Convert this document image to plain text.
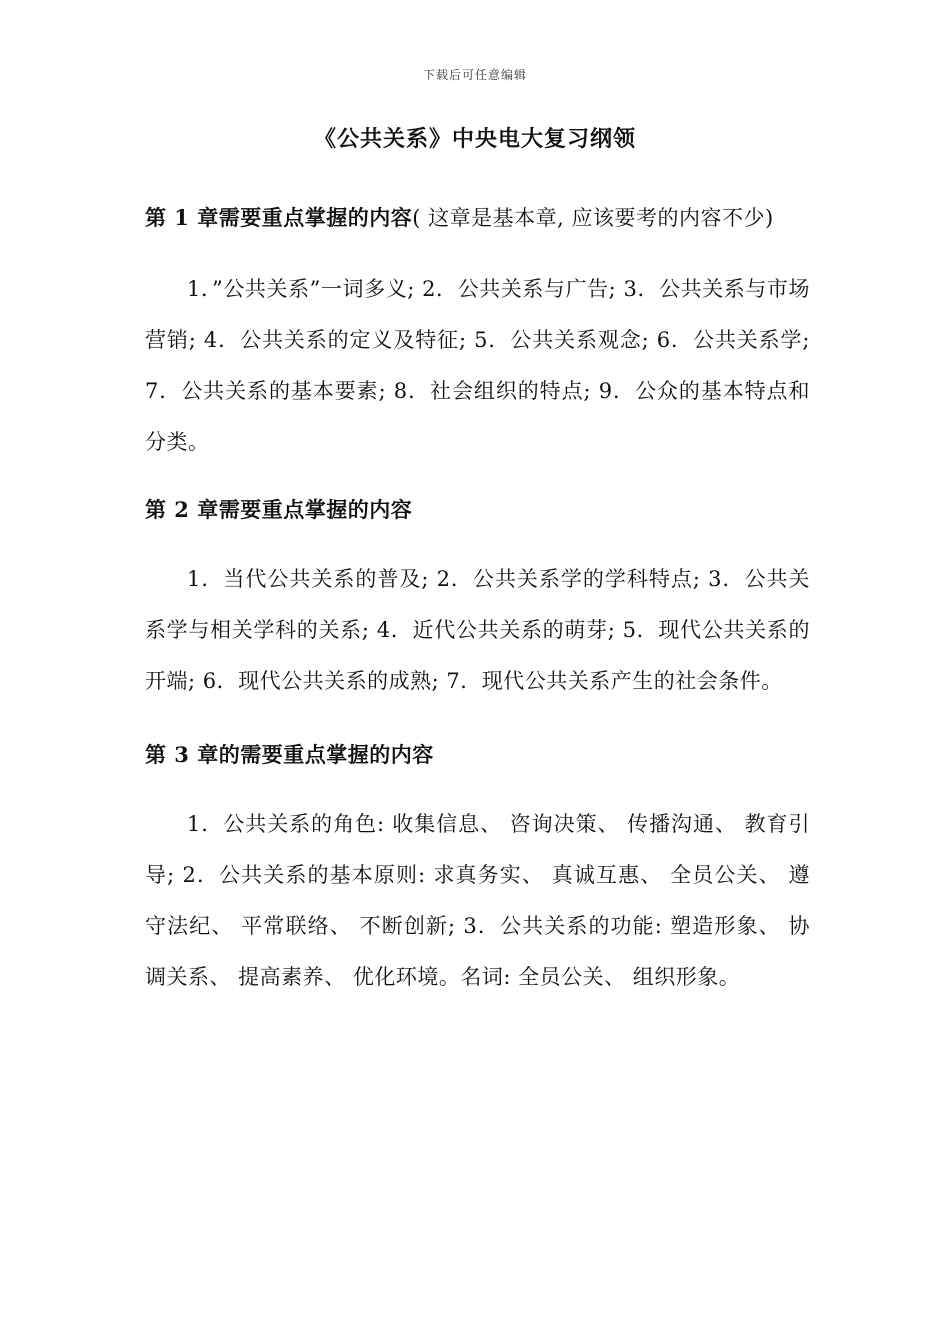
下载后可任意编辑
《公共关系》中央电大复习纲领

第 1 章需要重点掌握的内容( 这章是基本章, 应该要考的内容不少)

1．”公共关系”一词多义; 2．公共关系与广告; 3．公共关系与市场营销; 4．公共关系的定义及特征; 5．公共关系观念; 6．公共关系学; 7．公共关系的基本要素; 8．社会组织的特点; 9．公众的基本特点和分类。

第 2 章需要重点掌握的内容

1．当代公共关系的普及; 2．公共关系学的学科特点; 3．公共关系学与相关学科的关系; 4．近代公共关系的萌芽; 5．现代公共关系的开端; 6．现代公共关系的成熟; 7．现代公共关系产生的社会条件。

第 3 章的需要重点掌握的内容

1．公共关系的角色: 收集信息、 咨询决策、 传播沟通、 教育引导; 2．公共关系的基本原则: 求真务实、 真诚互惠、 全员公关、 遵守法纪、 平常联络、 不断创新; 3．公共关系的功能: 塑造形象、 协调关系、 提高素养、 优化环境。名词: 全员公关、 组织形象。
